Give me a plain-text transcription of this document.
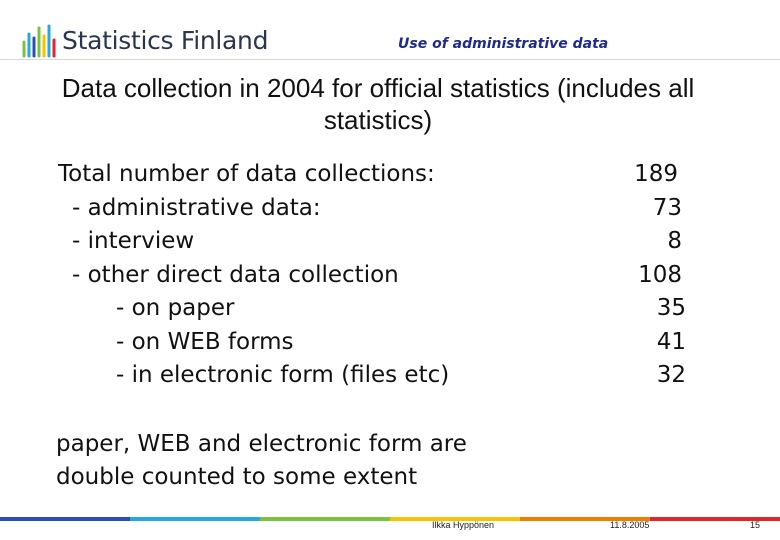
Statistics Finland	Use of administrative data
Data collection in 2004 for official statistics (includes all statistics)
Total number of data collections:	189
- administrative data:	73
- interview	8
- other direct data collection	108
- on paper	35
- on WEB forms	41
- in electronic form (files etc)	32
paper, WEB and electronic form are
double counted to some extent
Ilkka Hyppönen	11.8.2005	15
